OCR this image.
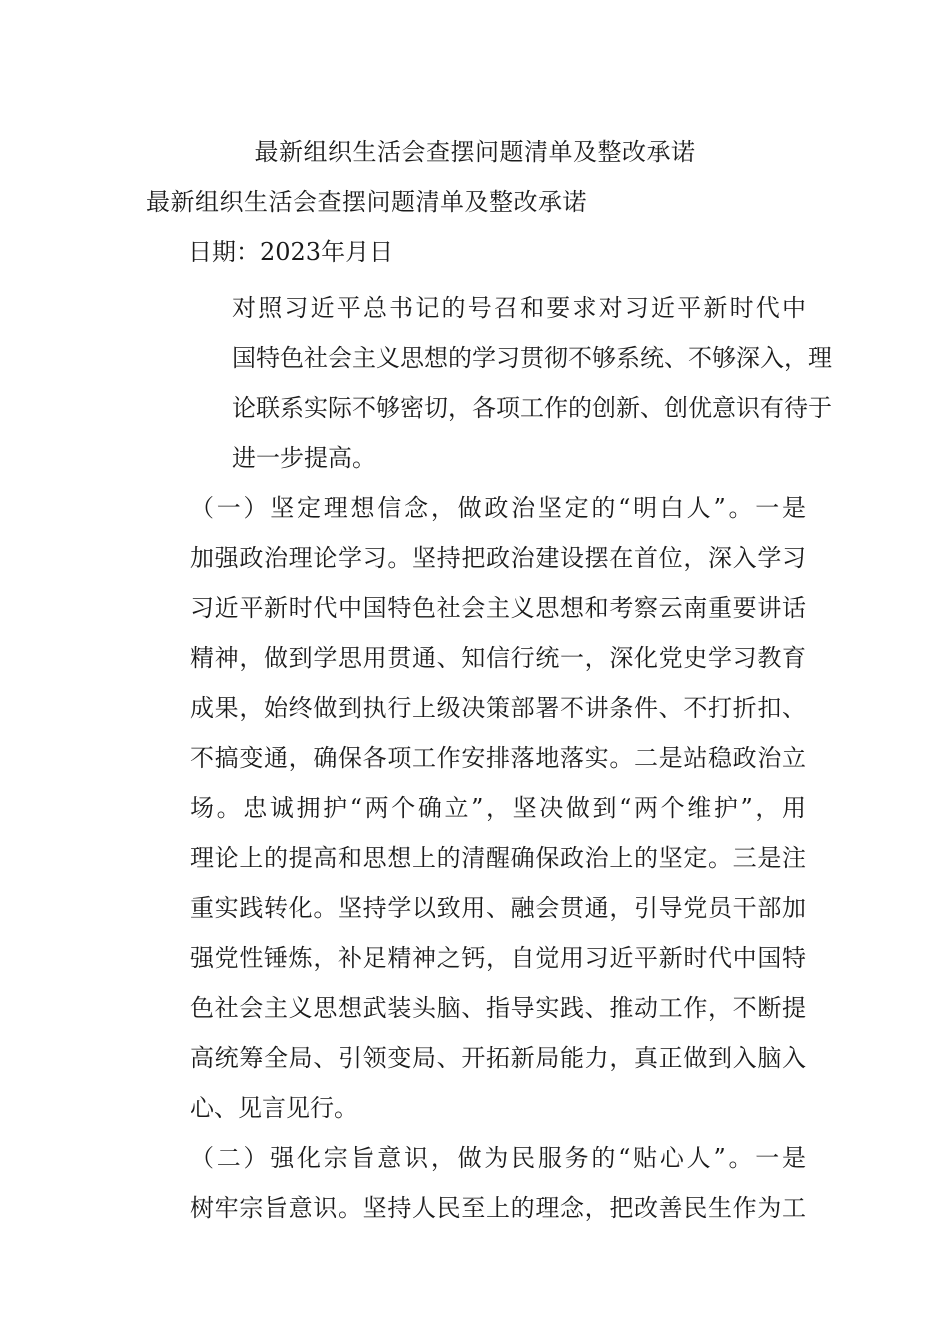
最新组织生活会查摆问题清单及整改承诺
最新组织生活会查摆问题清单及整改承诺
日期：2023年月日

对照习近平总书记的号召和要求对习近平新时代中
国特色社会主义思想的学习贯彻不够系统、不够深入，理
论联系实际不够密切，各项工作的创新、创优意识有待于
进一步提高。

（一）坚定理想信念，做政治坚定的“明白人”。一是
加强政治理论学习。坚持把政治建设摆在首位，深入学习
习近平新时代中国特色社会主义思想和考察云南重要讲话
精神，做到学思用贯通、知信行统一，深化党史学习教育
成果，始终做到执行上级决策部署不讲条件、不打折扣、
不搞变通，确保各项工作安排落地落实。二是站稳政治立
场。忠诚拥护“两个确立”，坚决做到“两个维护”，用
理论上的提高和思想上的清醒确保政治上的坚定。三是注
重实践转化。坚持学以致用、融会贯通，引导党员干部加
强党性锤炼，补足精神之钙，自觉用习近平新时代中国特
色社会主义思想武装头脑、指导实践、推动工作，不断提
高统筹全局、引领变局、开拓新局能力，真正做到入脑入
心、见言见行。

（二）强化宗旨意识，做为民服务的“贴心人”。一是
树牢宗旨意识。坚持人民至上的理念，把改善民生作为工
